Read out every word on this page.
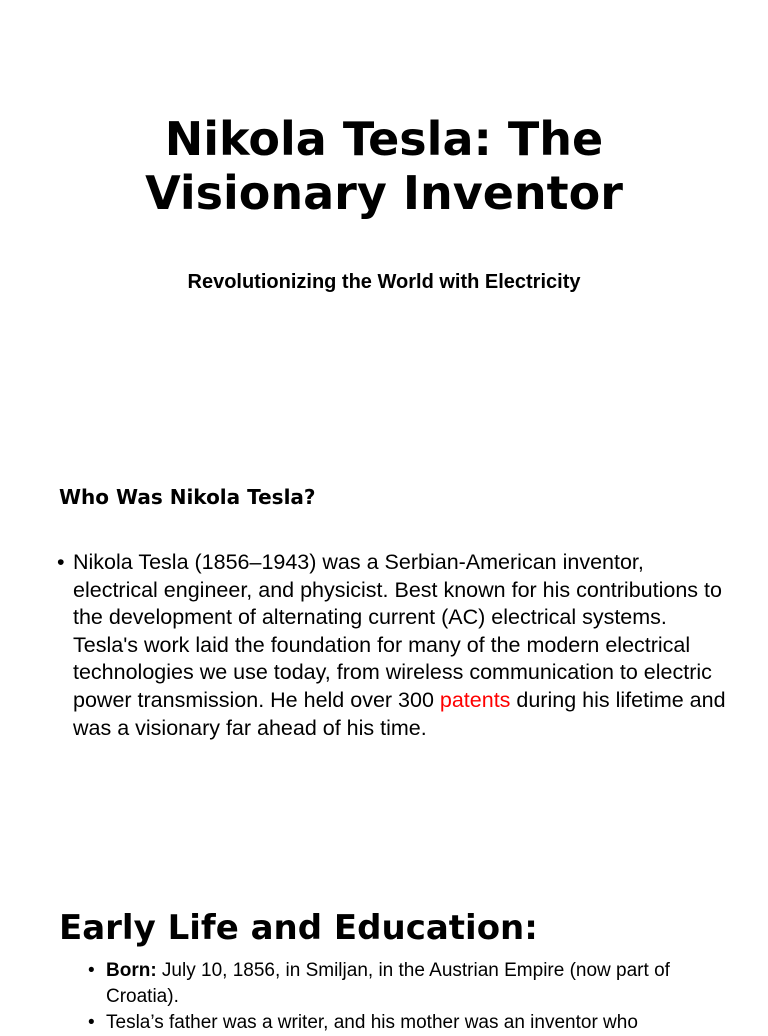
Nikola Tesla: The
Visionary Inventor

Revolutionizing the World with Electricity

Who Was Nikola Tesla?

• Nikola Tesla (1856–1943) was a Serbian-American inventor, electrical engineer, and physicist. Best known for his contributions to the development of alternating current (AC) electrical systems. Tesla's work laid the foundation for many of the modern electrical technologies we use today, from wireless communication to electric power transmission. He held over 300 patents during his lifetime and was a visionary far ahead of his time.

Early Life and Education:
• Born: July 10, 1856, in Smiljan, in the Austrian Empire (now part of Croatia).
• Tesla’s father was a writer, and his mother was an inventor who
